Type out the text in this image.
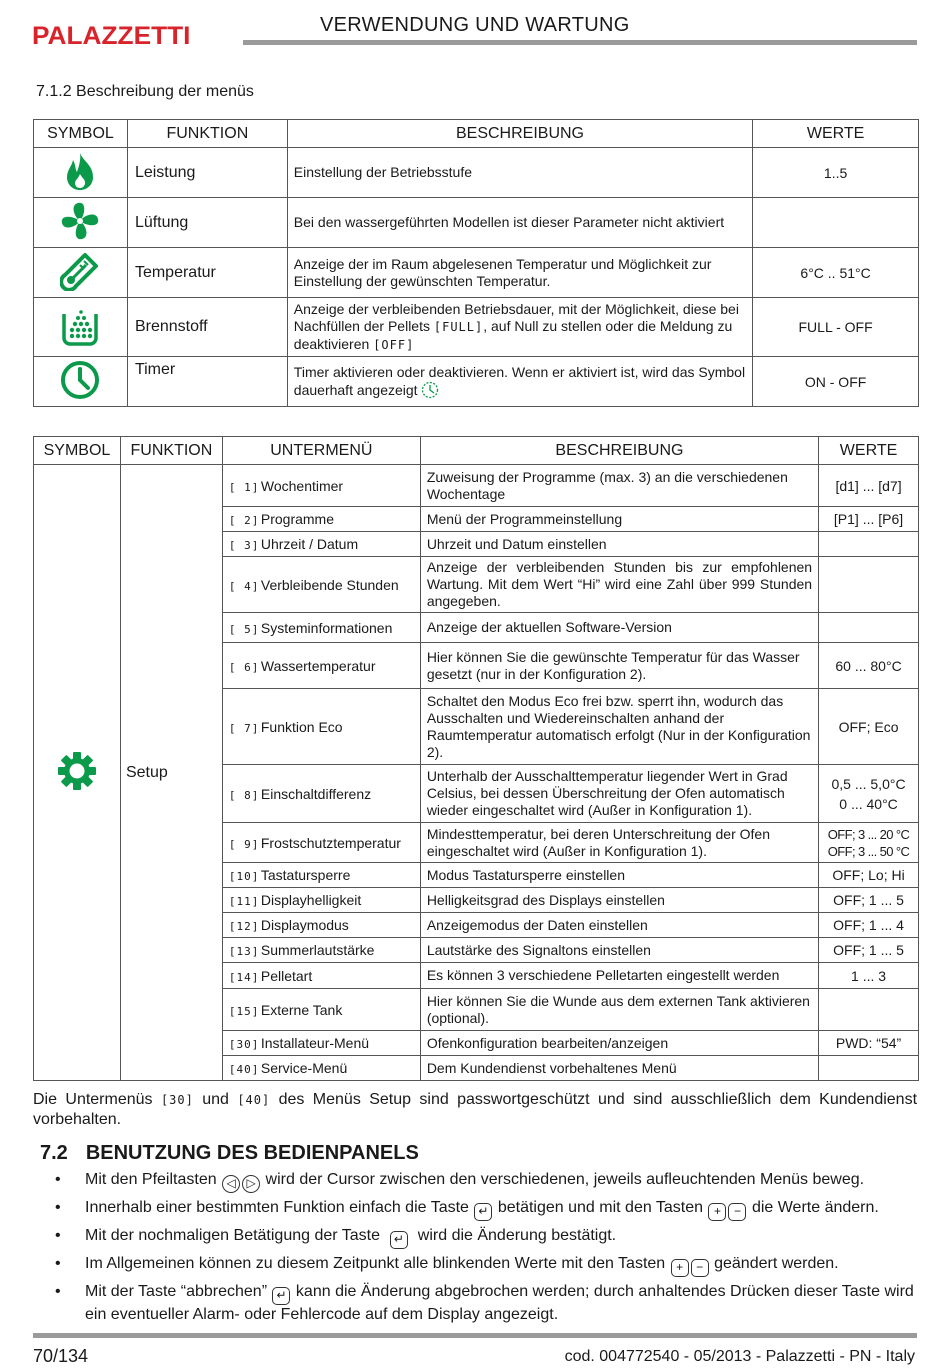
PALAZZETTI	VERWENDUNG UND WARTUNG
7.1.2 Beschreibung der menüs
SYMBOL	FUNKTION	BESCHREIBUNG	WERTE
	Leistung	Einstellung der Betriebsstufe	1..5
	Lüftung	Bei den wassergeführten Modellen ist dieser Parameter nicht aktiviert	
	Temperatur	Anzeige der im Raum abgelesenen Temperatur und Möglichkeit zur Einstellung der gewünschten Temperatur.	6°C .. 51°C
	Brennstoff	Anzeige der verbleibenden Betriebsdauer, mit der Möglichkeit, diese bei Nachfüllen der Pellets [FULL], auf Null zu stellen oder die Meldung zu deaktivieren [OFF]	FULL - OFF
	Timer	Timer aktivieren oder deaktivieren. Wenn er aktiviert ist, wird das Symbol dauerhaft angezeigt	ON - OFF
SYMBOL	FUNKTION	UNTERMENÜ	BESCHREIBUNG	WERTE
	Setup	[ 1] Wochentimer	Zuweisung der Programme (max. 3) an die verschiedenen Wochentage	[d1] ... [d7]
		[ 2] Programme	Menü der Programmeinstellung	[P1] ... [P6]
		[ 3] Uhrzeit / Datum	Uhrzeit und Datum einstellen	
		[ 4] Verbleibende Stunden	Anzeige der verbleibenden Stunden bis zur empfohlenen Wartung. Mit dem Wert “Hi” wird eine Zahl über 999 Stunden angegeben.	
		[ 5] Systeminformationen	Anzeige der aktuellen Software-Version	
		[ 6] Wassertemperatur	Hier können Sie die gewünschte Temperatur für das Wasser gesetzt (nur in der Konfiguration 2).	60 ... 80°C
		[ 7] Funktion Eco	Schaltet den Modus Eco frei bzw. sperrt ihn, wodurch das Ausschalten und Wiedereinschalten anhand der Raumtemperatur automatisch erfolgt (Nur in der Konfiguration 2).	OFF; Eco
		[ 8] Einschaltdifferenz	Unterhalb der Ausschalttemperatur liegender Wert in Grad Celsius, bei dessen Überschreitung der Ofen automatisch wieder eingeschaltet wird (Außer in Konfiguration 1).	0,5 ... 5,0°C
0 ... 40°C

		[ 9] Frostschutztemperatur	Mindesttemperatur, bei deren Unterschreitung der Ofen eingeschaltet wird (Außer in Konfiguration 1).	OFF; 3 ... 20 °C
OFF; 3 ... 50 °C

		[10] Tastatursperre	Modus Tastatursperre einstellen	OFF; Lo; Hi
		[11] Displayhelligkeit	Helligkeitsgrad des Displays einstellen	OFF; 1 ... 5
		[12] Displaymodus	Anzeigemodus der Daten einstellen	OFF; 1 ... 4
		[13] Summerlautstärke	Lautstärke des Signaltons einstellen	OFF; 1 ... 5
		[14] Pelletart	Es können 3 verschiedene Pelletarten eingestellt werden	1 ... 3
		[15] Externe Tank	Hier können Sie die Wunde aus dem externen Tank aktivieren (optional).	
		[30] Installateur-Menü	Ofenkonfiguration bearbeiten/anzeigen	PWD: “54”
		[40] Service-Menü	Dem Kundendienst vorbehaltenes Menü	
Die Untermenüs [30] und [40] des Menüs Setup sind passwortgeschützt und sind ausschließlich dem Kundendienst vorbehalten.
7.2 BENUTZUNG DES BEDIENPANELS
• Mit den Pfeiltasten ◁ ▷ wird der Cursor zwischen den verschiedenen, jeweils aufleuchtenden Menüs beweg.
• Innerhalb einer bestimmten Funktion einfach die Taste ↵ betätigen und mit den Tasten + − die Werte ändern.
• Mit der nochmaligen Betätigung der Taste ↵ wird die Änderung bestätigt.
• Im Allgemeinen können zu diesem Zeitpunkt alle blinkenden Werte mit den Tasten + − geändert werden.
• Mit der Taste “abbrechen” ↵ kann die Änderung abgebrochen werden; durch anhaltendes Drücken dieser Taste wird ein eventueller Alarm- oder Fehlercode auf dem Display angezeigt.
70/134	cod. 004772540 - 05/2013 - Palazzetti - PN - Italy
